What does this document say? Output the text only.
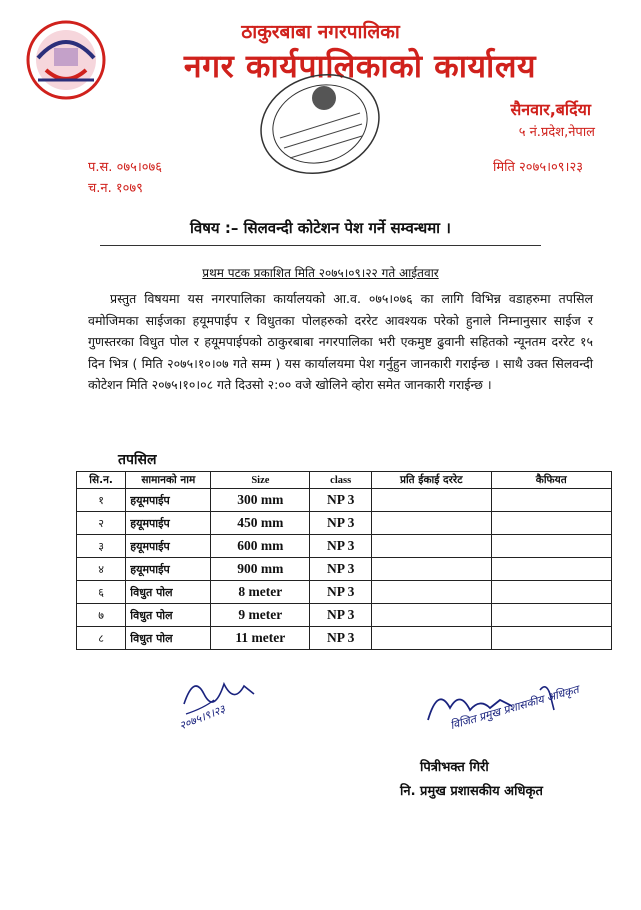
ठाकुरबाबा नगरपालिका
नगर कार्यपालिकाको कार्यालय
सैनवार,बर्दिया
५ नं.प्रदेश,नेपाल
प.स. ०७५।०७६
च.न. १०७९
मिति २०७५।०९।२३
विषय :– सिलवन्दी कोटेशन पेश गर्ने सम्वन्धमा ।
प्रथम पटक प्रकाशित मिति २०७५।०९।२२ गते आईतवार

प्रस्तुत विषयमा यस नगरपालिका कार्यालयको आ.व. ०७५।०७६ का लागि विभिन्न वडाहरुमा तपसिल वमोजिमका साईजका हयूमपाईप र विधुतका पोलहरुको दररेट आवश्यक परेको हुनाले निम्नानुसार साईज र गुणस्तरका विधुत पोल र हयूमपाईपको ठाकुरबाबा नगरपालिका भरी एकमुष्ट ढुवानी सहितको न्यूनतम दररेट १५ दिन भित्र ( मिति २०७५।१०।०७ गते सम्म ) यस कार्यालयमा पेश गर्नुहुन जानकारी गराईन्छ । साथै उक्त सिलवन्दी कोटेशन मिति २०७५।१०।०८ गते दिउसो २:०० वजे खोलिने व्होरा समेत जानकारी गराईन्छ ।

तपसिल
सि.न.	सामानको नाम	Size	class	प्रति ईकाई दररेट	कैफियत
१	हयूमपाईप	300 mm	NP 3		
२	हयूमपाईप	450 mm	NP 3		
३	हयूमपाईप	600 mm	NP 3		
४	हयूमपाईप	900 mm	NP 3		
६	विधुत पोल	8 meter	NP 3		
७	विधुत पोल	9 meter	NP 3		
८	विधुत पोल	11 meter	NP 3		
२०७५।९।२३	विजित प्रमुख प्रशासकीय अधिकृत
पित्रीभक्त गिरी
नि. प्रमुख प्रशासकीय अधिकृत
